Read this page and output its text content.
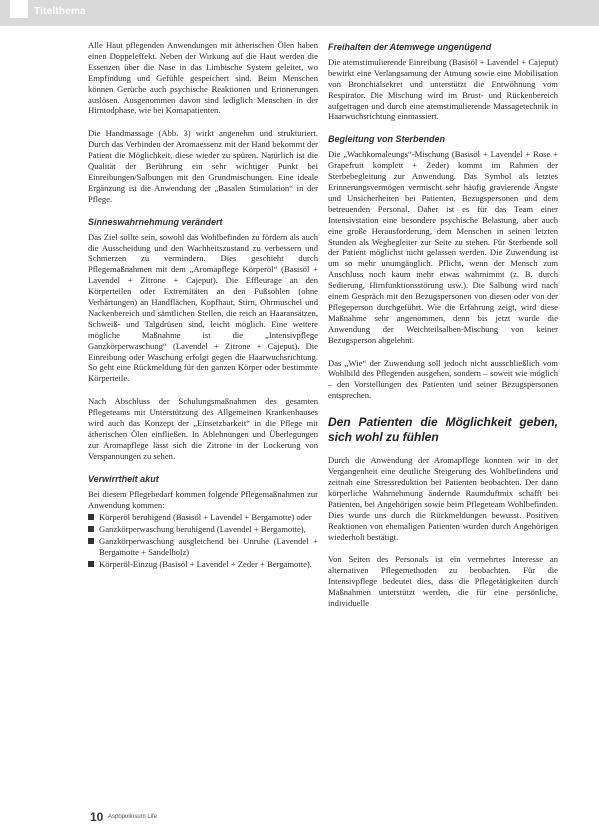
Titelthema

Alle Haut pflegenden Anwendungen mit ätherischen Ölen haben einen Doppeleffekt. Neben der Wirkung auf die Haut werden die Essenzen über die Nase in das Limbische System geleitet, wo Empfindung und Gefühle gespeichert sind. Beim Menschen können Gerüche auch psychische Reaktionen und Erinnerungen auslösen. Ausgenommen davon sind lediglich Menschen in der Hirntodphase, wie bei Komapatienten.

Die Handmassage (Abb. 3) wirkt angenehm und strukturiert. Durch das Verbinden der Aromaessenz mit der Hand bekommt der Patient die Möglichkeit, diese wieder zu spüren. Natürlich ist die Qualität der Berührung ein sehr wichtiger Punkt bei Einreibungen/Salbungen mit den Grundmischungen. Eine ideale Ergänzung ist die Anwendung der „Basalen Stimulation“ in der Pflege.

Sinneswahrnehmung verändert

Das Ziel sollte sein, sowohl das Wohlbefinden zu fördern als auch die Ausscheidung und den Wachheitszustand zu verbessern und Schmerzen zu vermindern. Dies geschieht durch Pflegemaßnahmen mit dem „Aromapflege Körperöl“ (Basisöl + Lavendel + Zitrone + Cajeput). Die Effleurage an den Körperteilen oder Extremitäten an den Fußsohlen (ohne Verhärtungen) an Handflächen, Kopfhaut, Stirn, Ohrmuschel und Nackenbereich und sämtlichen Stellen, die reich an Haaransätzen, Schweiß- und Talgdrüsen sind, leicht möglich. Eine weitere mögliche Maßnahme ist die „Intensivpflege Ganzkörperwaschung“ (Lavendel + Zitrone + Cajeput). Die Einreibung oder Waschung erfolgt gegen die Haarwuchsrichtung. So geht eine Rückmeldung für den ganzen Körper oder bestimmte Körperteile.

Nach Abschluss der Schulungsmaßnahmen des gesamten Pflegeteams mit Unterstützung des Allgemeinen Krankenhauses wird auch das Konzept der „Einsetzbarkeit“ in die Pflege mit ätherischen Ölen einfließen. In Ablehnungen und Überlegungen zur Aromapflege lässt sich die Zitrone in der Lockerung von Verspannungen zu sehen.

Verwirrtheit akut

Bei diesem Pflegebedarf kommen folgende Pflegemaßnahmen zur Anwendung kommen:

Körperöl beruhigend (Basisöl + Lavendel + Bergamotte) oder
Ganzkörperwaschung beruhigend (Lavendel + Bergamotte),
Ganzkörperwaschung ausgleichend bei Unruhe (Lavendel + Bergamotte + Sandelholz)
Körperöl-Einzug (Basisöl + Lavendel + Zeder + Bergamotte).
Freihalten der Atemwege ungenügend

Die atemstimulierende Einreibung (Basisöl + Lavendel + Cajeput) bewirkt eine Verlangsamung der Atmung sowie eine Mobilisation von Bronchialsekret und unterstützt die Entwöhnung vom Respirator. Die Mischung wird im Brust- und Rückenbereich aufgetragen und durch eine atemstimulierende Massagetechnik in Haarwuchsrichtung einmassiert.

Begleitung von Sterbenden

Die „Wachkomaleungs“-Mischung (Basisöl + Lavendel + Rose + Grapefruit komplett + Zeder) kommt im Rahmen der Sterbebegleitung zur Anwendung. Das Symbol als letztes Erinnerungsvermögen vermischt sehr häufig gravierende Ängste und Unsicherheiten bei Patienten, Bezugspersonen und dem betreuenden Personal. Daher ist es für das Team einer Intensivstation eine besondere psychische Belastung, aber auch eine große Herausforderung, dem Menschen in seinen letzten Stunden als Wegbegleiter zur Seite zu stehen. Für Sterbende soll der Patient möglichst nicht gelassen werden. Die Zuwendung ist um so mehr unumgänglich. Pflicht, wenn der Mensch zum Anschluss noch kaum mehr etwas wahrnimmt (z. B. durch Sedierung, Hirnfunktionsstörung usw.). Die Salbung wird nach einem Gespräch mit den Bezugspersonen von diesen oder von der Pflegeperson durchgeführt. Wie die Erfahrung zeigt, wird diese Maßnahme sehr angenommen, denn bis jetzt wurde die Anwendung der Weichteilsalben-Mischung von keiner Bezugsperson abgelehnt.

Das „Wie“ der Zuwendung soll jedoch nicht ausschließlich vom Wohlbild des Pflegenden ausgehen, sondern – soweit wie möglich – den Vorstellungen des Patienten und seiner Bezugspersonen entsprechen.

Den Patienten die Möglichkeit geben, sich wohl zu fühlen

Durch die Anwendung der Aromapflege konnten wir in der Vergangenheit eine deutliche Steigerung des Wohlbefindens und zeitnah eine Stressreduktion bei Patienten beobachten. Der dann körperliche Wahrnehmung ändernde Raumduftmix schafft bei Patienten, bei Angehörigen sowie beim Pflegeteam Wohlbefinden. Dies wurde uns durch die Rückmeldungen bewusst. Positiven Reaktionen von ehemaligen Patienten wurden durch Angehörigen wiederholt bestätigt.

Von Seiten des Personals ist ein vermehrtes Interesse an alternativen Pflegemethoden zu beobachten. Für die Intensivpflege bedeutet dies, dass die Pflegetätigkeiten durch Maßnahmen unterstützt werden, die für eine persönliche, individuelle

10 Aspopulinsum Life
